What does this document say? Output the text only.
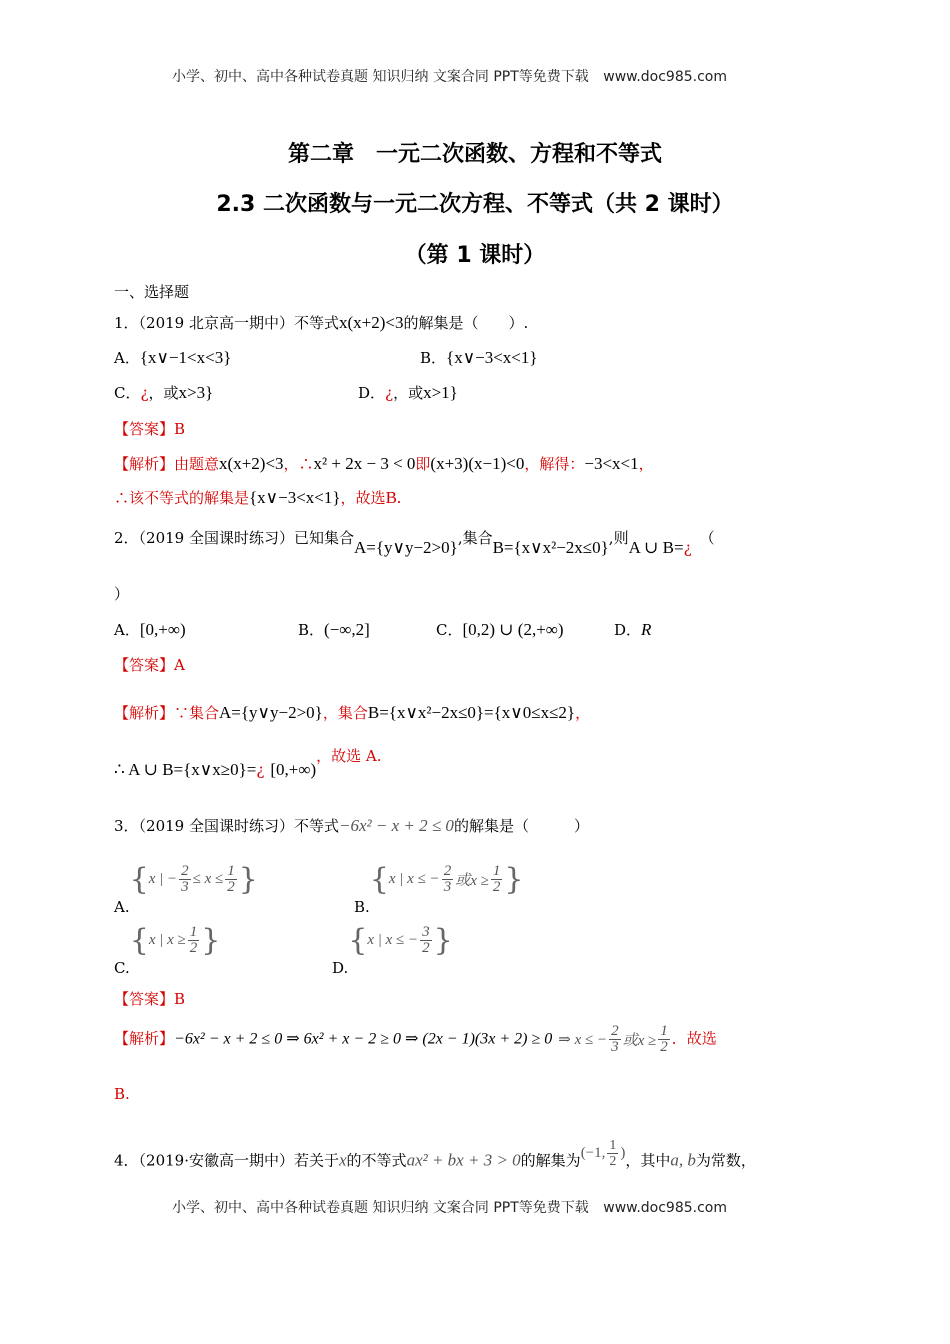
小学、初中、高中各种试卷真题 知识归纳 文案合同 PPT等免费下载 www.doc985.com
第二章　一元二次函数、方程和不等式
2.3 二次函数与一元二次方程、不等式（共 2 课时）
（第 1 课时）
一、选择题
1．（2019 北京高一期中）不等式x(x+2)<3的解集是（　　）.
A．{x∨−1<x<3}	B．{x∨−3<x<1}
C．¿，或x>3}	D．¿，或x>1}
【答案】B
【解析】由题意x(x+2)<3，∴x² + 2x − 3 < 0即(x+3)(x−1)<0，解得：−3<x<1，
∴该不等式的解集是{x∨−3<x<1}，故选B.
2．（2019 全国课时练习）已知集合A={y∨y−2>0},集合B={x∨x²−2x≤0},则A ∪ B=¿（
）
A．[0,+∞)	B．(−∞,2]	C．[0,2) ∪ (2,+∞)	D．R
【答案】A
【解析】∵集合A={y∨y−2>0}，集合B={x∨x²−2x≤0}={x∨0≤x≤2}，
∴ A ∪ B={x∨x≥0}=¿ [0,+∞)，故选 A.
3．（2019 全国课时练习）不等式−6x² − x + 2 ≤ 0的解集是（　　　）
A.{x | − $\frac{2}{3} \le x \le \frac{1}{2}$ }
B.{x | x ≤ − $\frac{2}{3}$ 或$x \ge \frac{1}{2}$ }
C.{x | $x \ge \frac{1}{2}$ }
D.{x | x ≤ − $\frac{3}{2}$ }
【答案】B
【解析】−6x² − x + 2 ≤ 0 ⇒ 6x² + x − 2 ≥ 0 ⇒ (2x − 1)(3x + 2) ≥ 0 ⇒ x ≤ − $\frac{2}{3}$ 或$x \ge \frac{1}{2}$ ．故选
B.
4．（2019·安徽高一期中）若关于x的不等式ax² + bx + 3 > 0的解集为(−1, $\frac{1}{2}$ )，其中a, b为常数，
小学、初中、高中各种试卷真题 知识归纳 文案合同 PPT等免费下载 www.doc985.com
